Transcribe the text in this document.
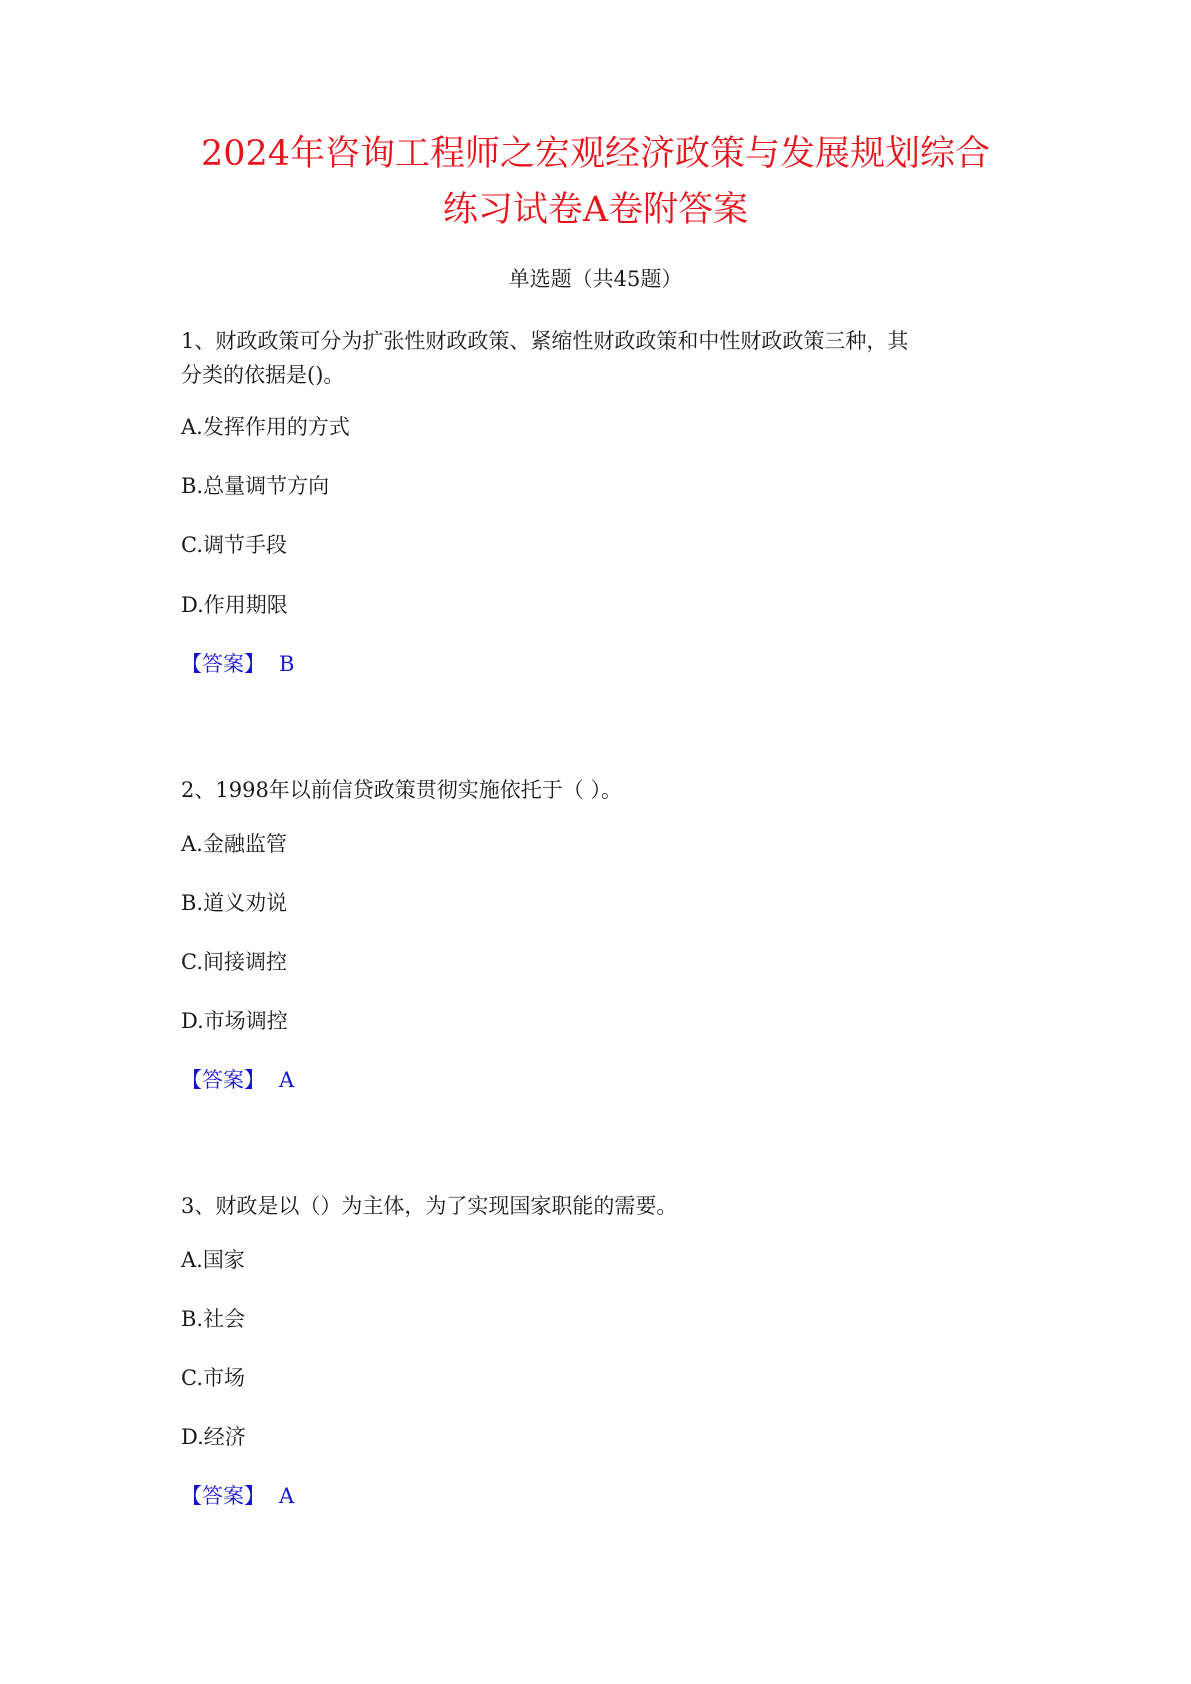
2024年咨询工程师之宏观经济政策与发展规划综合
练习试卷A卷附答案
单选题（共45题）

1、财政政策可分为扩张性财政政策、紧缩性财政政策和中性财政政策三种，其
分类的依据是()。

A.发挥作用的方式
B.总量调节方向
C.调节手段
D.作用期限
【答案】 B

2、1998年以前信贷政策贯彻实施依托于（ ）。

A.金融监管
B.道义劝说
C.间接调控
D.市场调控
【答案】 A

3、财政是以（）为主体，为了实现国家职能的需要。

A.国家
B.社会
C.市场
D.经济
【答案】 A
